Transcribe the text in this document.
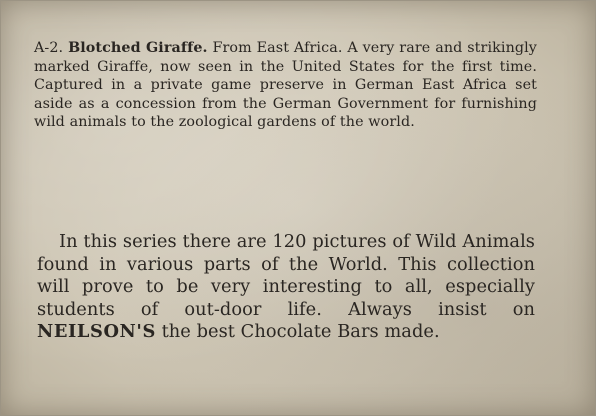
A-2. Blotched Giraffe. From East Africa. A very rare and strikingly marked Giraffe, now seen in the United States for the first time. Captured in a private game preserve in German East Africa set aside as a concession from the German Government for furnishing wild animals to the zoological gardens of the world.

In this series there are 120 pictures of Wild Animals found in various parts of the World. This collection will prove to be very interesting to all, especially students of out-door life. Always insist on NEILSON'S the best Chocolate Bars made.
